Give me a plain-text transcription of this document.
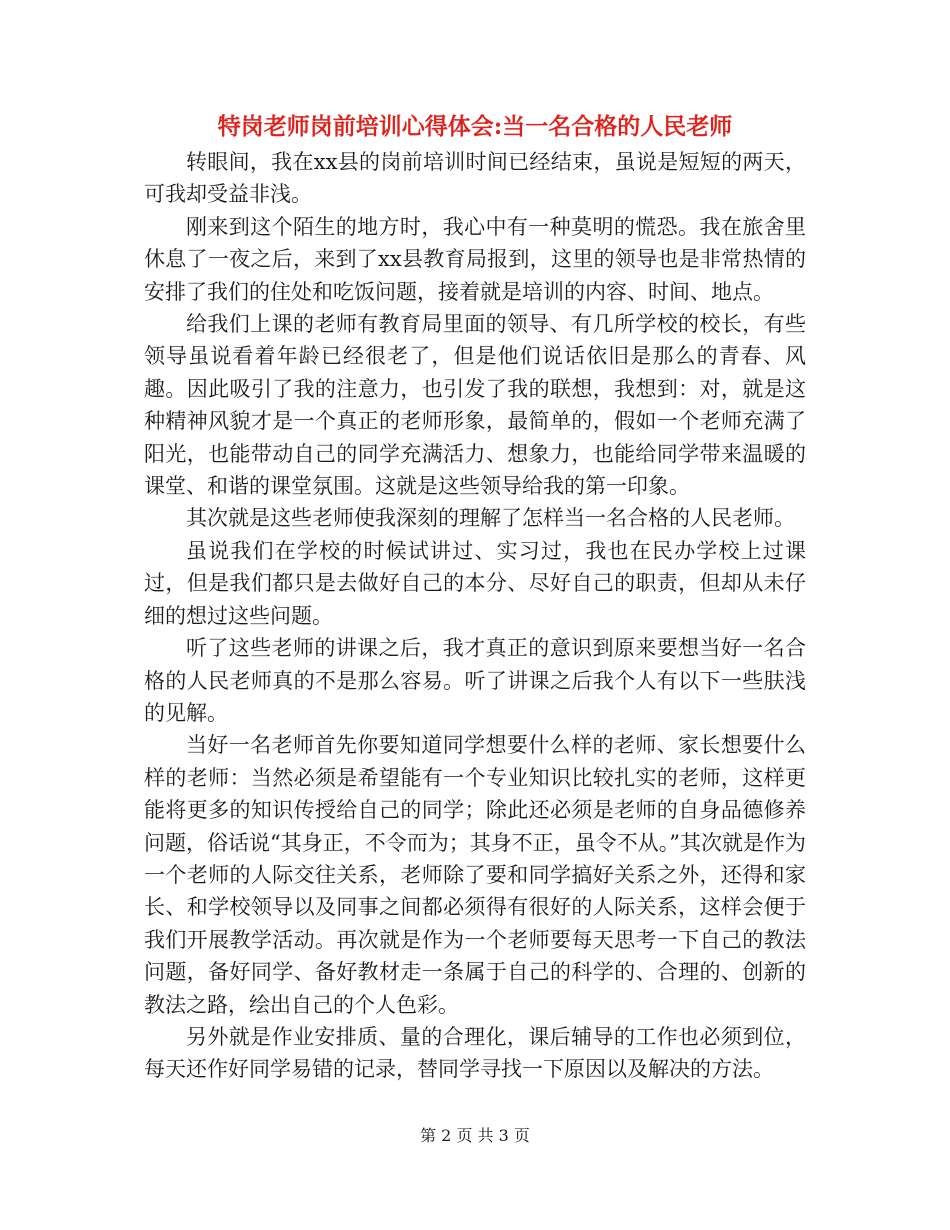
特岗老师岗前培训心得体会:当一名合格的人民老师

转眼间，我在xx县的岗前培训时间已经结束，虽说是短短的两天，可我却受益非浅。

刚来到这个陌生的地方时，我心中有一种莫明的慌恐。我在旅舍里休息了一夜之后，来到了xx县教育局报到，这里的领导也是非常热情的安排了我们的住处和吃饭问题，接着就是培训的内容、时间、地点。

给我们上课的老师有教育局里面的领导、有几所学校的校长，有些领导虽说看着年龄已经很老了，但是他们说话依旧是那么的青春、风趣。因此吸引了我的注意力，也引发了我的联想，我想到：对，就是这种精神风貌才是一个真正的老师形象，最简单的，假如一个老师充满了阳光，也能带动自己的同学充满活力、想象力，也能给同学带来温暖的课堂、和谐的课堂氛围。这就是这些领导给我的第一印象。

其次就是这些老师使我深刻的理解了怎样当一名合格的人民老师。

虽说我们在学校的时候试讲过、实习过，我也在民办学校上过课过，但是我们都只是去做好自己的本分、尽好自己的职责，但却从未仔细的想过这些问题。

听了这些老师的讲课之后，我才真正的意识到原来要想当好一名合格的人民老师真的不是那么容易。听了讲课之后我个人有以下一些肤浅的见解。

当好一名老师首先你要知道同学想要什么样的老师、家长想要什么样的老师：当然必须是希望能有一个专业知识比较扎实的老师，这样更能将更多的知识传授给自己的同学；除此还必须是老师的自身品德修养问题，俗话说“其身正，不令而为；其身不正，虽令不从。”其次就是作为一个老师的人际交往关系，老师除了要和同学搞好关系之外，还得和家长、和学校领导以及同事之间都必须得有很好的人际关系，这样会便于我们开展教学活动。再次就是作为一个老师要每天思考一下自己的教法问题，备好同学、备好教材走一条属于自己的科学的、合理的、创新的教法之路，绘出自己的个人色彩。

另外就是作业安排质、量的合理化，课后辅导的工作也必须到位，每天还作好同学易错的记录，替同学寻找一下原因以及解决的方法。

第 2 页 共 3 页
